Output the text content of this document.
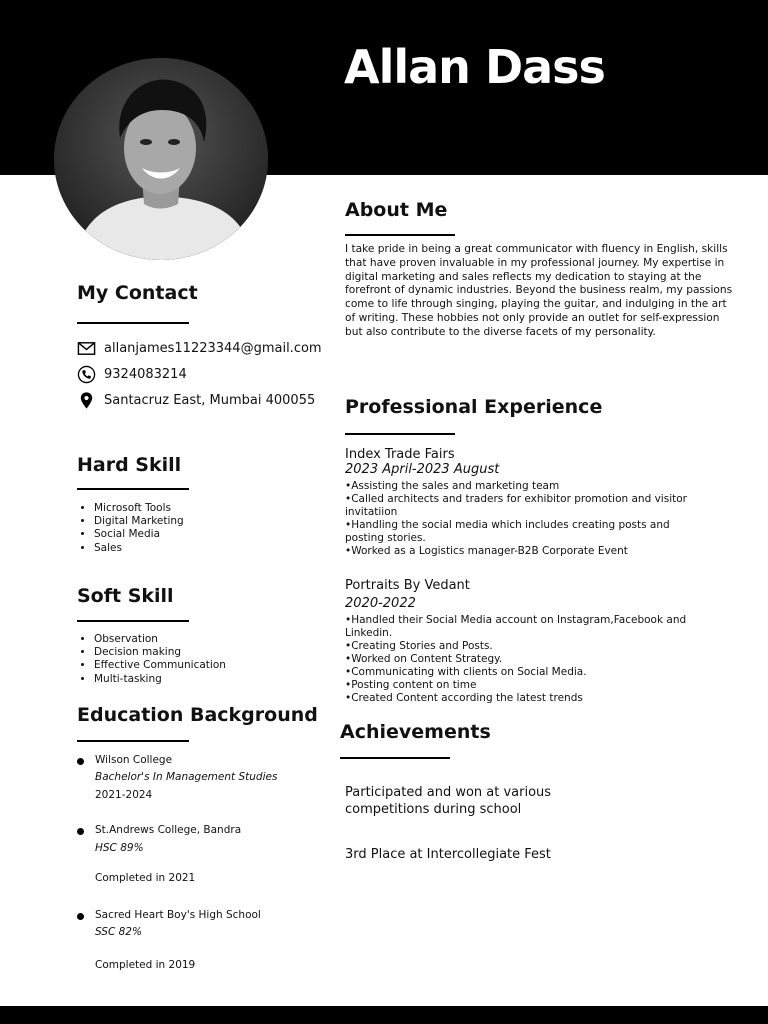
Allan Dass
My Contact
allanjames11223344@gmail.com
9324083214
Santacruz East, Mumbai 400055
Hard Skill
• Microsoft Tools
• Digital Marketing
• Social Media
• Sales
Soft Skill
• Observation
• Decision making
• Effective Communication
• Multi-tasking
Education Background
Wilson College
Bachelor's In Management Studies
2021-2024
St.Andrews College, Bandra
HSC 89%
Completed in 2021
Sacred Heart Boy's High School
SSC 82%
Completed in 2019
About Me
I take pride in being a great communicator with fluency in English, skills that have proven invaluable in my professional journey. My expertise in digital marketing and sales reflects my dedication to staying at the forefront of dynamic industries. Beyond the business realm, my passions come to life through singing, playing the guitar, and indulging in the art of writing. These hobbies not only provide an outlet for self-expression but also contribute to the diverse facets of my personality.
Professional Experience
Index Trade Fairs
2023 April-2023 August
•Assisting the sales and marketing team
•Called architects and traders for exhibitor promotion and visitor invitatiion
•Handling the social media which includes creating posts and posting stories.
•Worked as a Logistics manager-B2B Corporate Event
Portraits By Vedant
2020-2022
•Handled their Social Media account on Instagram,Facebook and Linkedin.
•Creating Stories and Posts.
•Worked on Content Strategy.
•Communicating with clients on Social Media.
•Posting content on time
•Created Content according the latest trends
Achievements
Participated and won at various competitions during school
3rd Place at Intercollegiate Fest
